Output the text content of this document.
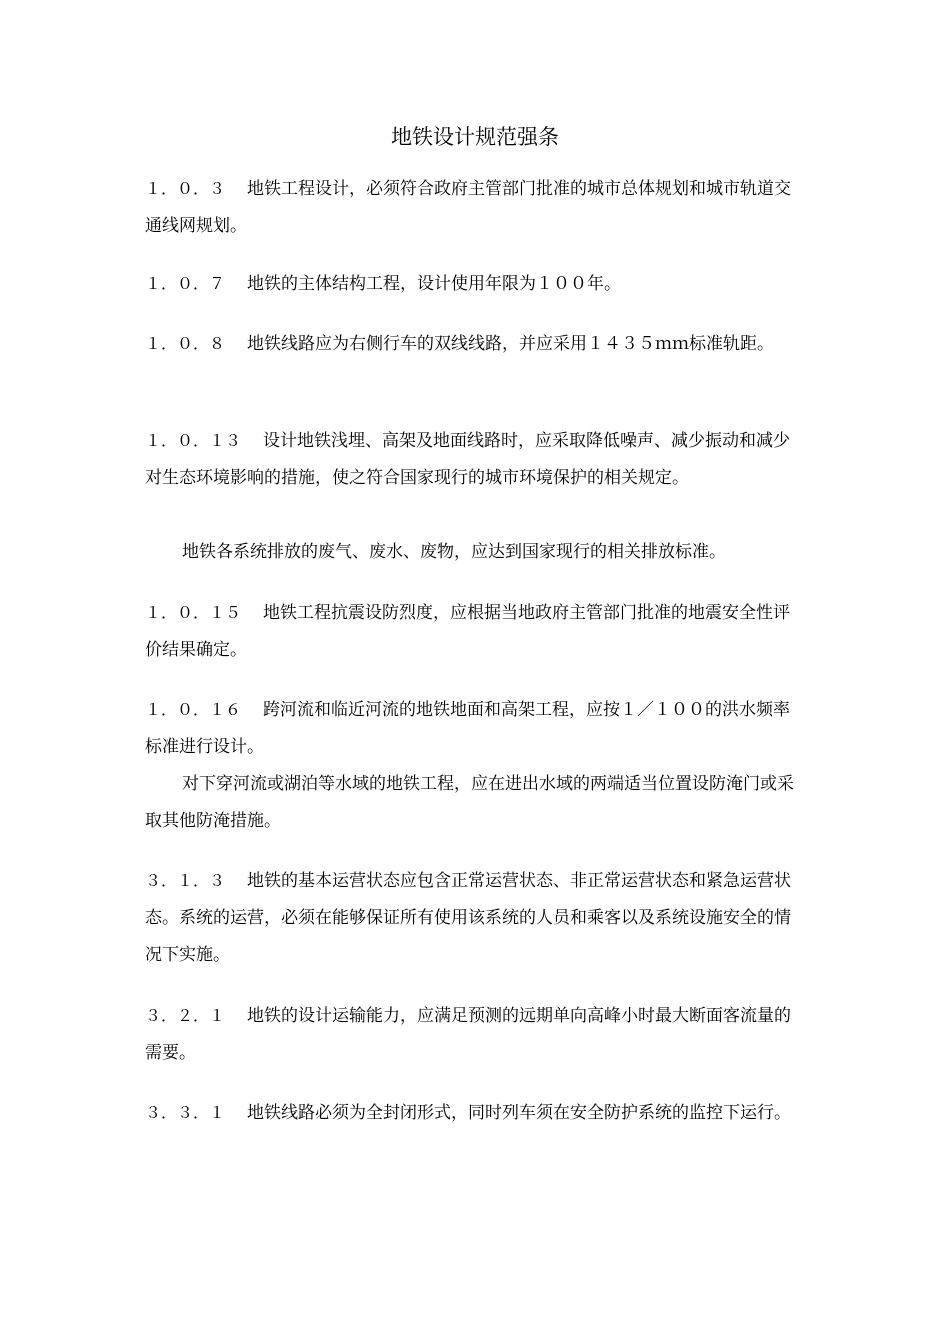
地铁设计规范强条
１．０．３ 地铁工程设计，必须符合政府主管部门批准的城市总体规划和城市轨道交通线网规划。
１．０．７ 地铁的主体结构工程，设计使用年限为１００年。
１．０．８ 地铁线路应为右侧行车的双线线路，并应采用１４３５ｍｍ标准轨距。
１．０．１３ 设计地铁浅埋、高架及地面线路时，应采取降低噪声、减少振动和减少对生态环境影响的措施，使之符合国家现行的城市环境保护的相关规定。
地铁各系统排放的废气、废水、废物，应达到国家现行的相关排放标准。
１．０．１５ 地铁工程抗震设防烈度，应根据当地政府主管部门批准的地震安全性评价结果确定。
１．０．１６ 跨河流和临近河流的地铁地面和高架工程，应按１／１００的洪水频率标准进行设计。
对下穿河流或湖泊等水域的地铁工程，应在进出水域的两端适当位置设防淹门或采取其他防淹措施。
３．１．３ 地铁的基本运营状态应包含正常运营状态、非正常运营状态和紧急运营状态。系统的运营，必须在能够保证所有使用该系统的人员和乘客以及系统设施安全的情况下实施。
３．２．１ 地铁的设计运输能力，应满足预测的远期单向高峰小时最大断面客流量的需要。
３．３．１ 地铁线路必须为全封闭形式，同时列车须在安全防护系统的监控下运行。
